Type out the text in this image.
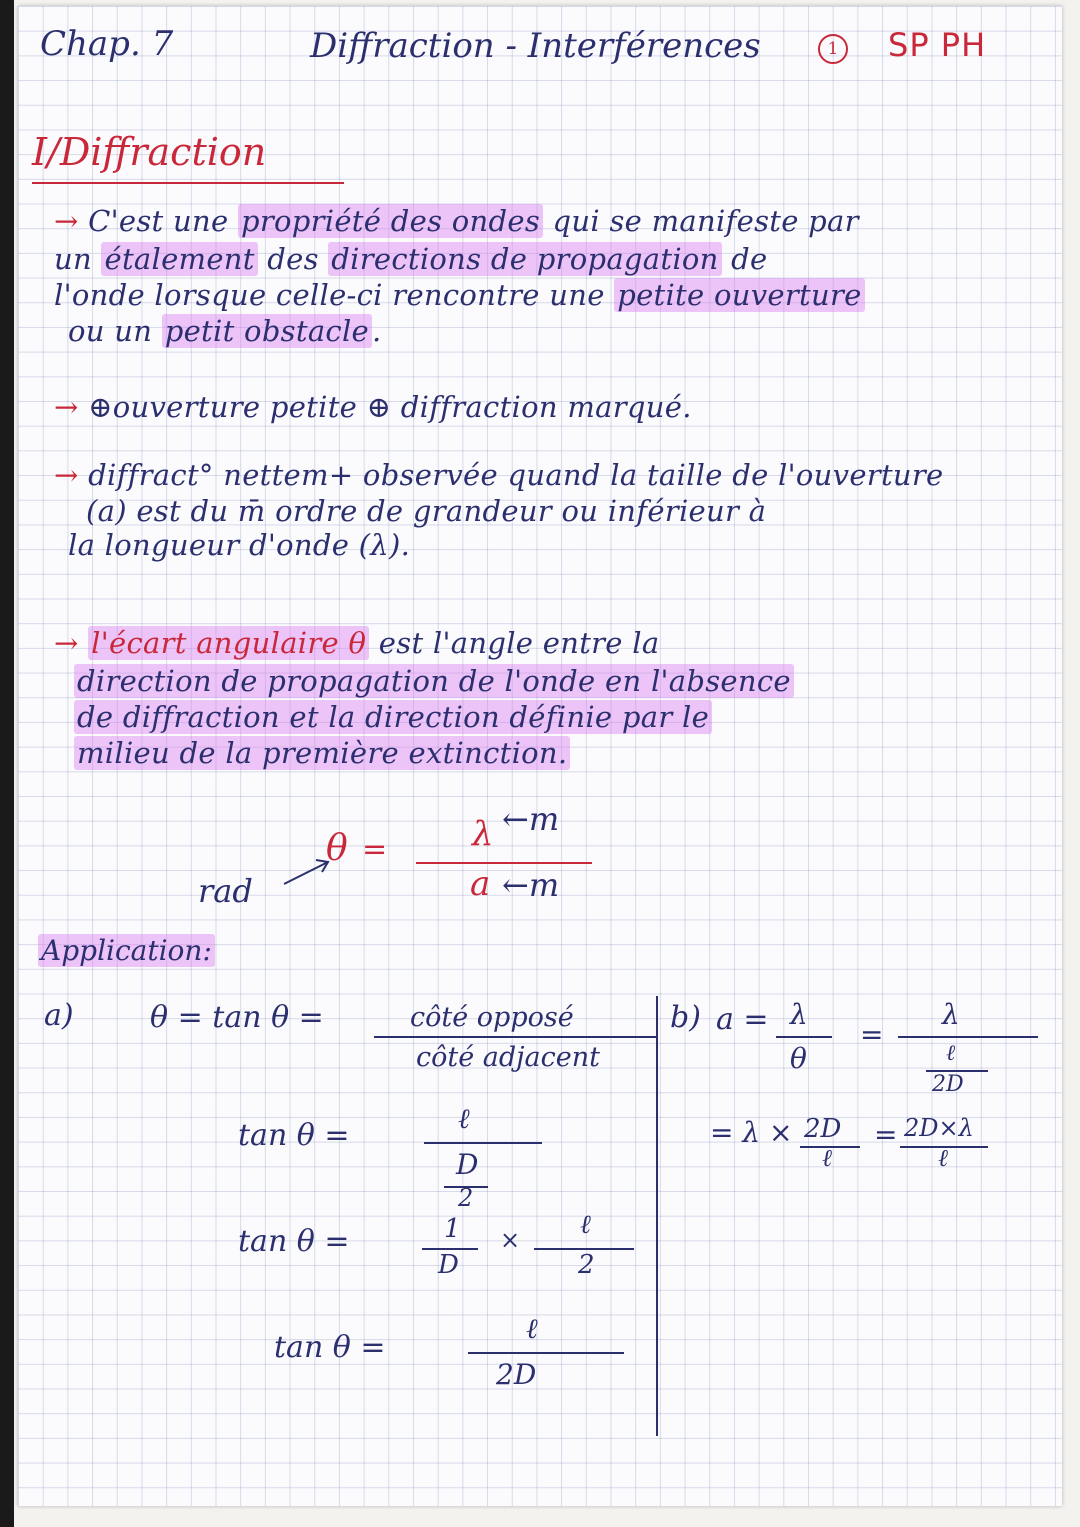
Chap. 7	Diffraction - Interférences	1 SP PH
I/Diffraction
→ C'est une propriété des ondes qui se manifeste par
un étalement des directions de propagation de
l'onde lorsque celle-ci rencontre une petite ouverture
ou un petit obstacle .
→ ⊕ouverture petite ⊕ diffraction marqué.
→ diffract° nettem+ observée quand la taille de l'ouverture
(a) est du m̄ ordre de grandeur ou inférieur à
la longueur d'onde (λ).
→ l'écart angulaire θ est l'angle entre la
direction de propagation de l'onde en l'absence
de diffraction et la direction définie par le
milieu de la première extinction.
θ = λ
a
←m
←m
rad
Application:
a)	θ = tan θ =	côté opposé
côté adjacent
tan θ =	ℓ
D
2
tan θ =	1
D
× ℓ
2
tan θ =
ℓ
2D
b) a = λ
θ
=
λ
ℓ
2D
= λ × 2D
ℓ
= 2D×λ
ℓ
